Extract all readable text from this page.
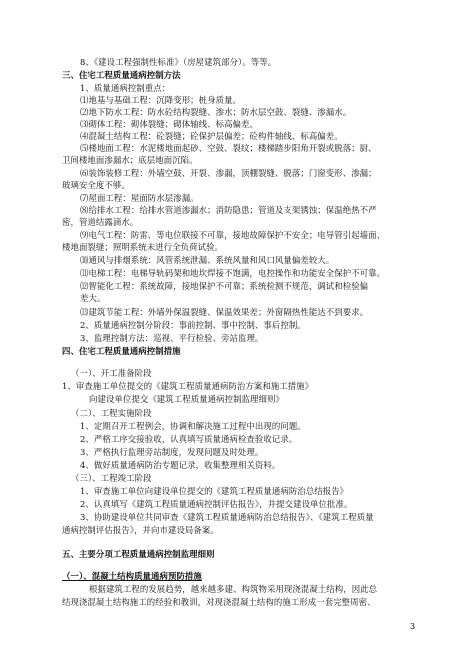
8、《建设工程强制性标准》（房屋建筑部分）。等等。
三、住宅工程质量通病控制方法
1、质量通病控制重点：
⑴地基与基础工程：沉降变形；桩身质量。
⑵地下防水工程：防水砼结构裂缝、渗水；防水层空鼓、裂缝、渗漏水。
⑶砌体工程：砌体裂缝；砌体轴线、标高偏差。
⑷混凝土结构工程：砼裂缝；砼保护层偏差；砼构件轴线、标高偏差。
⑸楼地面工程：水泥楼地面起砂、空鼓、裂纹；楼梯踏步阳角开裂或脱落；厨、
卫间楼地面渗漏水；底层地面沉陷。
⑹装饰装修工程：外墙空鼓、开裂、渗漏，顶棚裂缝、脱落；门窗变形、渗漏；
玻璃安全度不够。
⑺屋面工程：屋面防水层渗漏。
⑻给排水工程：给排水管道渗漏水；消防隐患；管道及支架锈蚀；保温绝热不严
密，管道结露滴水。
⑼电气工程：防雷、等电位联接不可靠，接地故障保护不安全；电导管引起墙面、
楼地面裂缝；照明系统未进行全负荷试验。
⑽通风与排烟系统：风管系统泄漏、系统风量和风口风量偏差较大。
⑾电梯工程：电梯导轨码架和地坎焊接不饱满，电控操作和功能安全保护不可靠。
⑿智能化工程：系统故障，接地保护不可靠；系统检测不规范，调试和检验偏
差大。
⒀建筑节能工程：外墙外保温裂缝、保温效果差；外窗隔热性能达不到要求。
2、质量通病控制分阶段：事前控制、事中控制、事后控制。
3、监理控制方法：巡视、平行检验、旁站监理。
四、住宅工程质量通病控制措施
（一）、开工准备阶段
1、审查施工单位提交的《建筑工程质量通病防治方案和施工措施》
向建设单位提交《建筑工程质量通病控制监理细则》
（二）、工程实施阶段
1、定期召开工程例会，协调和解决施工过程中出现的问题。
2、严格工序交接验收，认真填写质量通病检查验收记录。
3、严格执行监理旁站制度，发现问题及时处理。
4、做好质量通病防治专题记录，收集整理相关资料。
（三）、工程竣工阶段
1、审查施工单位向建设单位提交的《建筑工程质量通病防治总结报告》
2、认真填写《建筑工程质量通病控制评估报告》，并提交建设单位批准。
3、协助建设单位共同审查《建筑工程质量通病防治总结报告》、《建筑工程质量
通病控制评估报告》，并向市建设局备案。
五、主要分项工程质量通病控制监理细则
（一）、混凝土结构质量通病预防措施
根据建筑工程的发展趋势，越来越多建、构筑物采用现浇混凝土结构，因此总
结现浇混凝土结构施工的经验和教训，对现浇混凝土结构的施工形成一套完整周密、
3
